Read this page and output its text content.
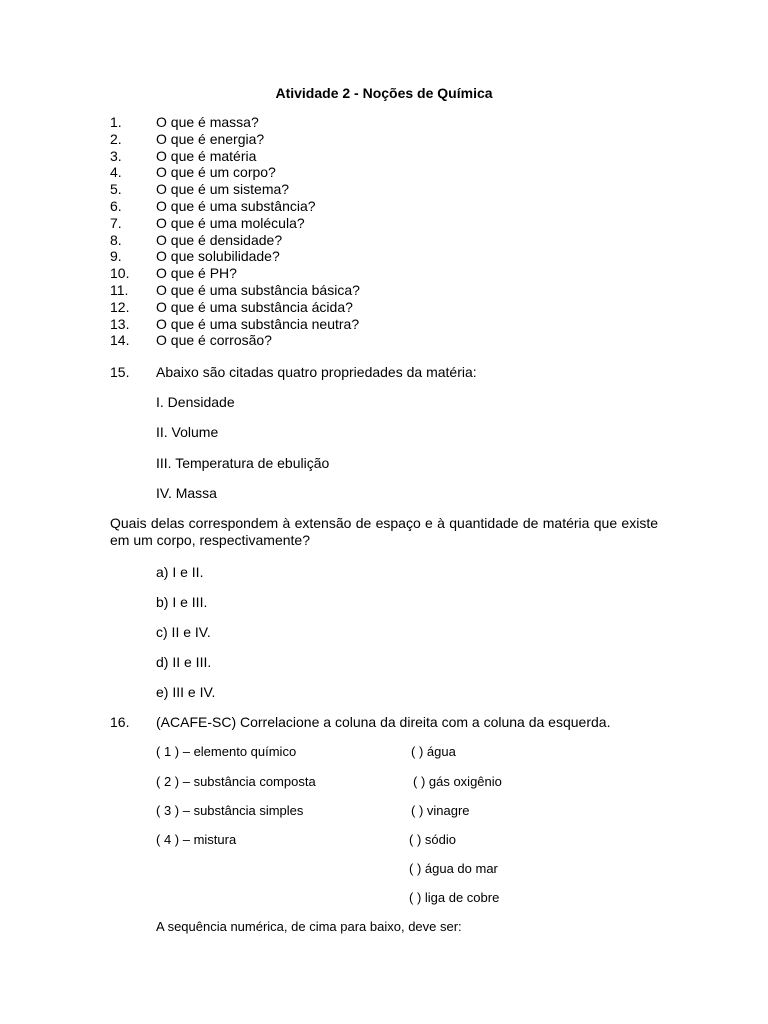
Atividade 2 - Noções de Química
1. O que é massa?
2. O que é energia?
3. O que é matéria
4. O que é um corpo?
5. O que é um sistema?
6. O que é uma substância?
7. O que é uma molécula?
8. O que é densidade?
9. O que solubilidade?
10. O que é PH?
11. O que é uma substância básica?
12. O que é uma substância ácida?
13. O que é uma substância neutra?
14. O que é corrosão?
15. Abaixo são citadas quatro propriedades da matéria:
I. Densidade
II. Volume
III. Temperatura de ebulição
IV. Massa
Quais delas correspondem à extensão de espaço e à quantidade de matéria que existe em um corpo, respectivamente?
a) I e II.
b) I e III.
c) II e IV.
d) II e III.
e) III e IV.
16. (ACAFE-SC) Correlacione a coluna da direita com a coluna da esquerda.
( 1 ) – elemento químico
( 2 ) – substância composta
( 3 ) – substância simples
( 4 ) – mistura
( ) água
( ) gás oxigênio
( ) vinagre
( ) sódio
( ) água do mar
( ) liga de cobre
A sequência numérica, de cima para baixo, deve ser:
